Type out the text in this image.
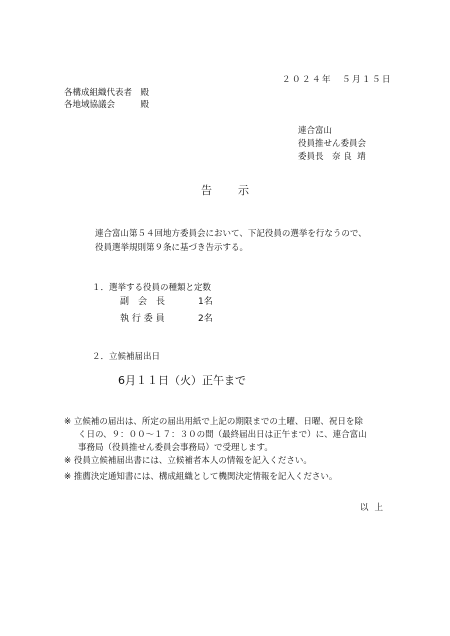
２０２４年　５月１５日
各構成組織代表者　殿
各地域協議会　　　殿
連合富山
役員推せん委員会
委員長　奈 良  靖
告示
連合富山第５４回地方委員会において、下記役員の選挙を行なうので、
役員選挙規則第９条に基づき告示する。
１．選挙する役員の種類と定数
副　会　長	1名
執 行 委 員	2名
２．立候補届出日
6月１１日（火）正午まで
※ 立候補の届出は、所定の届出用紙で上記の期限までの土曜、日曜、祝日を除
く日の、９：００～１７：３０の間（最終届出日は正午まで）に、連合富山
事務局（役員推せん委員会事務局）で受理します。
※ 役員立候補届出書には、立候補者本人の情報を記入ください。
※ 推薦決定通知書には、構成組織として機関決定情報を記入ください。
以上
